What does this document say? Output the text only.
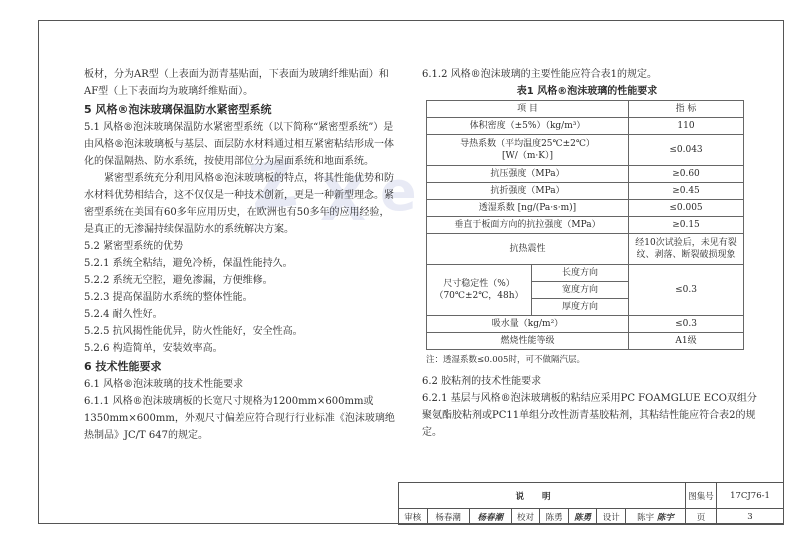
Z e
X

板材，分为AR型（上表面为沥青基贴面，下表面为玻璃纤维贴面）和AF型（上下表面均为玻璃纤维贴面）。

5 风格®泡沫玻璃保温防水紧密型系统

5.1 风格®泡沫玻璃保温防水紧密型系统（以下简称“紧密型系统”）是由风格®泡沫玻璃板与基层、面层防水材料通过相互紧密粘结形成一体化的保温隔热、防水系统，按使用部位分为屋面系统和地面系统。

紧密型系统充分利用风格®泡沫玻璃板的特点，将其性能优势和防水材料优势相结合，这不仅仅是一种技术创新，更是一种新型理念。紧密型系统在美国有60多年应用历史，在欧洲也有50多年的应用经验，是真正的无渗漏持续保温防水的系统解决方案。

5.2 紧密型系统的优势

5.2.1 系统全粘结，避免冷桥，保温性能持久。

5.2.2 系统无空腔，避免渗漏，方便维修。

5.2.3 提高保温防水系统的整体性能。

5.2.4 耐久性好。

5.2.5 抗风揭性能优异，防火性能好，安全性高。

5.2.6 构造简单，安装效率高。

6 技术性能要求

6.1 风格®泡沫玻璃的技术性能要求

6.1.1 风格®泡沫玻璃板的长宽尺寸规格为1200mm×600mm或1350mm×600mm，外观尺寸偏差应符合现行行业标准《泡沫玻璃绝热制品》JC/T 647的规定。

6.1.2 风格®泡沫玻璃的主要性能应符合表1的规定。

表1 风格®泡沫玻璃的性能要求

项 目		指 标
体积密度（±5%）（kg/m³）		110

导热系数（平均温度25℃±2℃）
[W/（m·K）]		≤0.043
抗压强度（MPa）		≥0.60
抗折强度（MPa）		≥0.45
透湿系数 [ng/(Pa·s·m)]		≤0.005
垂直于板面方向的抗拉强度（MPa）		≥0.15
抗热震性		经10次试验后，未见有裂纹、剥落、断裂破损现象

尺寸稳定性（%）
（70℃±2℃，48h）	长度方向	≤0.3
	宽度方向	
	厚度方向	
吸水量（kg/m²）		≤0.3
燃烧性能等级		A1级

注：透湿系数≤0.005时，可不做隔汽层。

6.2 胶粘剂的技术性能要求

6.2.1 基层与风格®泡沫玻璃板的粘结应采用PC FOAMGLUE ECO双组分聚氨酯胶粘剂或PC11单组分改性沥青基胶粘剂，其粘结性能应符合表2的规定。

说明								图集号	17CJ76-1
审核	杨春潮	杨春潮	校对	陈勇	陈勇	设计	陈宇 陈宇	页	3
